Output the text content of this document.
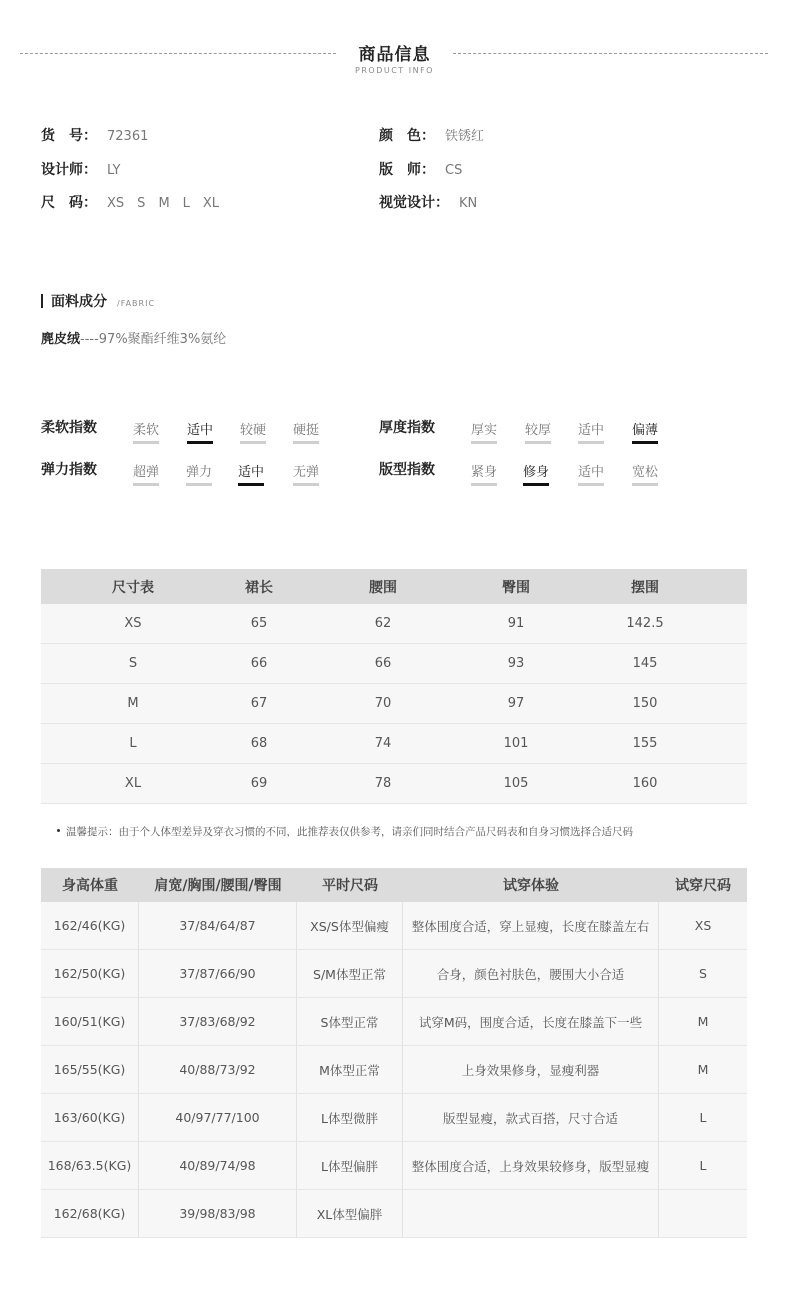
商品信息
PRODUCT INFO
货　号： 72361	颜　色： 铁锈红
设计师： LY	版　师： CS
尺　码： XS S M L XL	视觉设计： KN
面料成分 /FABRIC
麂皮绒----97%聚酯纤维3%氨纶
柔软指数	柔软 适中 较硬 硬挺	厚度指数	厚实 较厚 适中 偏薄
弹力指数	超弹 弹力 适中 无弹	版型指数	紧身 修身 适中 宽松
尺寸表	裙长	腰围	臀围	摆围
XS	65	62	91	142.5
S	66	66	93	145
M	67	70	97	150
L	68	74	101	155
XL	69	78	105	160
温馨提示：由于个人体型差异及穿衣习惯的不同，此推荐表仅供参考，请亲们同时结合产品尺码表和自身习惯选择合适尺码
身高体重	肩宽/胸围/腰围/臀围	平时尺码	试穿体验	试穿尺码
162/46(KG)	37/84/64/87	XS/S体型偏瘦	整体围度合适，穿上显瘦，长度在膝盖左右	XS
162/50(KG)	37/87/66/90	S/M体型正常	合身，颜色衬肤色，腰围大小合适	S
160/51(KG)	37/83/68/92	S体型正常	试穿M码，围度合适，长度在膝盖下一些	M
165/55(KG)	40/88/73/92	M体型正常	上身效果修身，显瘦利器	M
163/60(KG)	40/97/77/100	L体型微胖	版型显瘦，款式百搭，尺寸合适	L
168/63.5(KG)	40/89/74/98	L体型偏胖	整体围度合适，上身效果较修身，版型显瘦	L
162/68(KG)	39/98/83/98	XL体型偏胖
